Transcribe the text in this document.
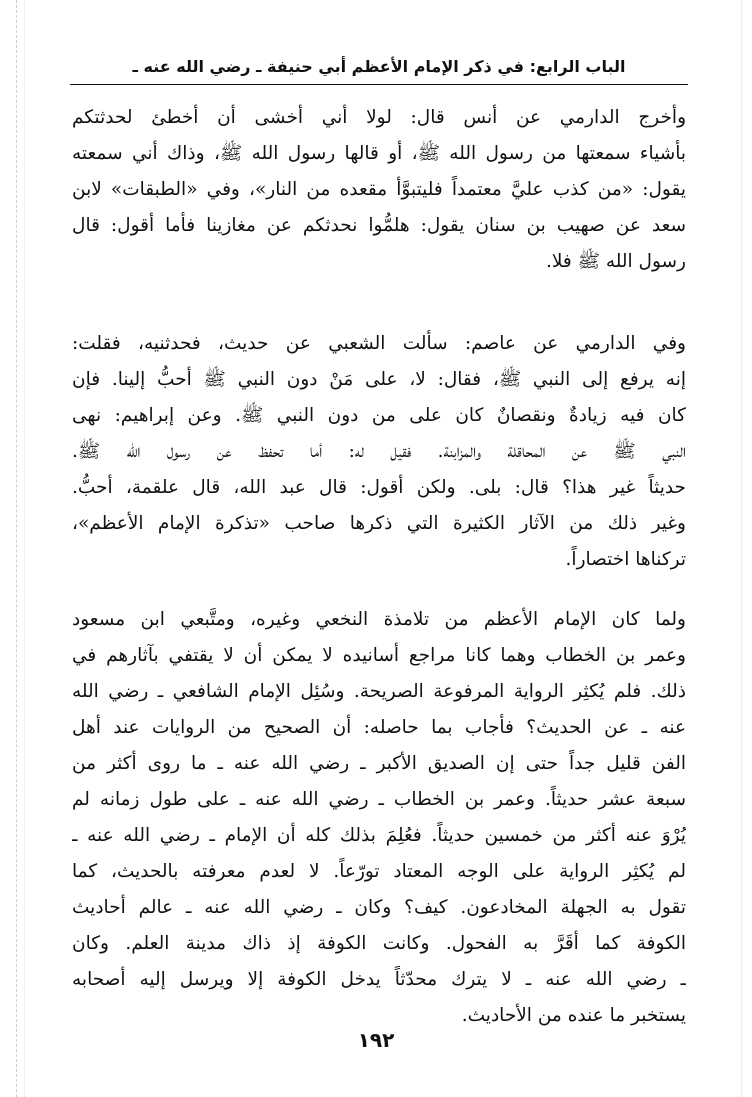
الباب الرابع: في ذكر الإمام الأعظم أبي حنيفة ـ رضي الله عنه ـ
وأخرج الدارمي عن أنس قال: لولا أني أخشى أن أخطئ لحدثتكم
بأشياء سمعتها من رسول الله ﷺ، أو قالها رسول الله ﷺ، وذاك أني سمعته
يقول: «من كذب عليَّ معتمداً فليتبوَّأ مقعده من النار»، وفي «الطبقات» لابن
سعد عن صهيب بن سنان يقول: هلمُّوا نحدثكم عن مغازينا فأما أقول: قال
رسول الله ﷺ فلا.
وفي الدارمي عن عاصم: سألت الشعبي عن حديث، فحدثنيه، فقلت:
إنه يرفع إلى النبي ﷺ، فقال: لا، على مَنْ دون النبي ﷺ أحبُّ إلينا. فإن
كان فيه زيادةٌ ونقصانٌ كان على من دون النبي ﷺ. وعن إبراهيم: نهى
النبي ﷺ عن المحاقلة والمزابنة. فقيل له: أما تحفظ عن رسول الله ﷺ.
حديثاً غير هذا؟ قال: بلى. ولكن أقول: قال عبد الله، قال علقمة، أحبُّ.
وغير ذلك من الآثار الكثيرة التي ذكرها صاحب «تذكرة الإمام الأعظم»،
تركناها اختصاراً.
ولما كان الإمام الأعظم من تلامذة النخعي وغيره، ومتَّبعي ابن مسعود
وعمر بن الخطاب وهما كانا مراجع أسانيده لا يمكن أن لا يقتفي بآثارهم في
ذلك. فلم يُكثِر الرواية المرفوعة الصريحة. وسُئِل الإمام الشافعي ـ رضي الله
عنه ـ عن الحديث؟ فأجاب بما حاصله: أن الصحيح من الروايات عند أهل
الفن قليل جداً حتى إن الصديق الأكبر ـ رضي الله عنه ـ ما روى أكثر من
سبعة عشر حديثاً. وعمر بن الخطاب ـ رضي الله عنه ـ على طول زمانه لم
يُرْوَ عنه أكثر من خمسين حديثاً. فعُلِمَ بذلك كله أن الإمام ـ رضي الله عنه ـ
لم يُكثِر الرواية على الوجه المعتاد تورّعاً. لا لعدم معرفته بالحديث، كما
تقول به الجهلة المخادعون. كيف؟ وكان ـ رضي الله عنه ـ عالم أحاديث
الكوفة كما أقَرَّ به الفحول. وكانت الكوفة إذ ذاك مدينة العلم. وكان
ـ رضي الله عنه ـ لا يترك محدّثاً يدخل الكوفة إلا ويرسل إليه أصحابه
يستخبر ما عنده من الأحاديث.
١٩٢
